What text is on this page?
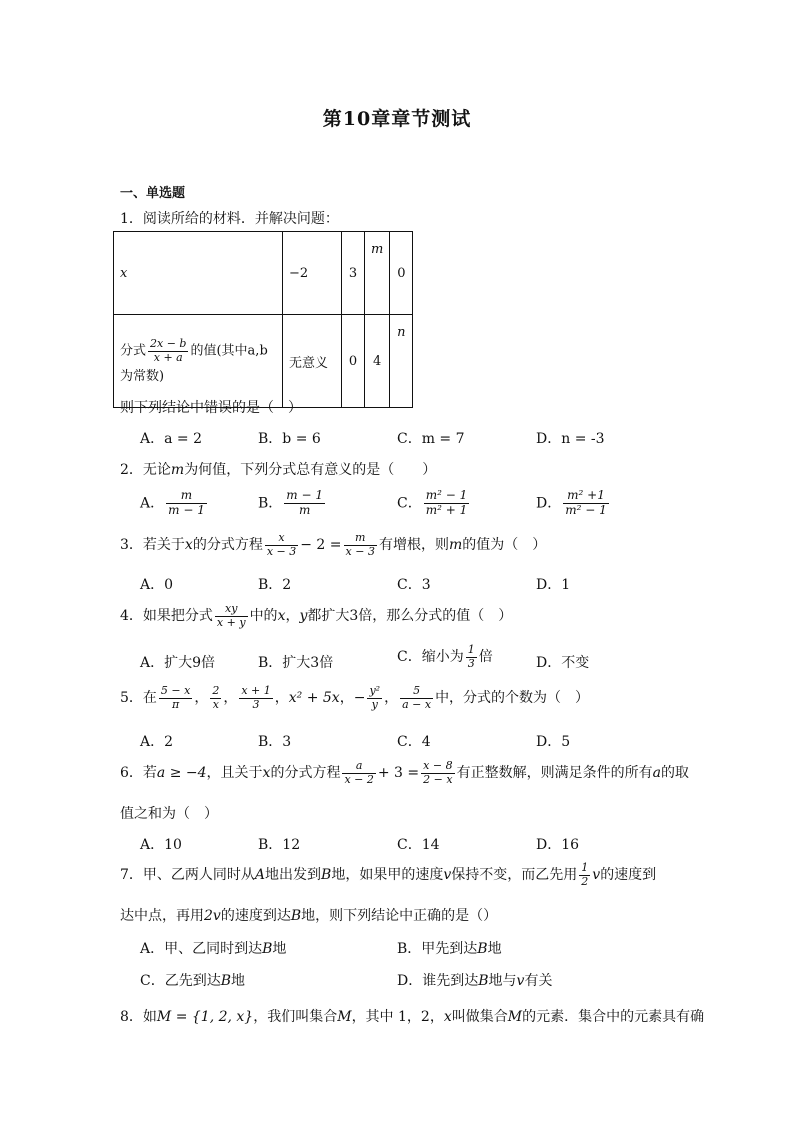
第10章章节测试
一、单选题
1．阅读所给的材料．并解决问题：
x	−2	3	m	0
分式 $\frac{2x - b}{x + a}$ 的值(其中a,b
为常数)	无意义	0	4	n
则下列结论中错误的是（　）
A．a = 2	B．b = 6	C．m = 7	D．n = -3
2．无论m为何值，下列分式总有意义的是（　　）
A． $\frac{m}{m - 1}$	B． $\frac{m - 1}{m}$	C． $\frac{\text{m² − 1}}{\text{m² + 1}}$	D． $\frac{\text{m² +1}}{\text{m² − 1}}$
3．若关于x的分式方程 $\frac{x}{x - 3} - 2 = \frac{m}{x - 3}$ 有增根，则m的值为（　）
A．0	B．2	C．3	D．1
4．如果把分式 $\frac{xy}{x + y}$ 中的x，y都扩大3倍，那么分式的值（　）
A．扩大9倍	B．扩大3倍	C．缩小为 $\frac{1}{3}$ 倍	D．不变
5．在 $\frac{5 - x}{\pi}$ ， $\frac{2}{x}$ ， $\frac{x + 1}{3}$ ，x² + 5x，− $\frac{\text{y²}}{y}$ ， $\frac{5}{a - x}$ 中，分式的个数为（　）
A．2	B．3	C．4	D．5
6．若a ≥ −4，且关于x的分式方程 $\frac{a}{x - 2} + 3 = \frac{x - 8}{2 - x}$ 有正整数解，则满足条件的所有a的取
值之和为（　）
A．10	B．12	C．14	D．16
7．甲、乙两人同时从A地出发到B地，如果甲的速度v保持不变，而乙先用 $\frac{1}{2}$ v的速度到
达中点，再用2v的速度到达B地，则下列结论中正确的是（）
A．甲、乙同时到达B地	B．甲先到达B地
C．乙先到达B地	D．谁先到达B地与v有关
8．如M = {1, 2, x}，我们叫集合M，其中 1，2，x叫做集合M的元素．集合中的元素具有确
